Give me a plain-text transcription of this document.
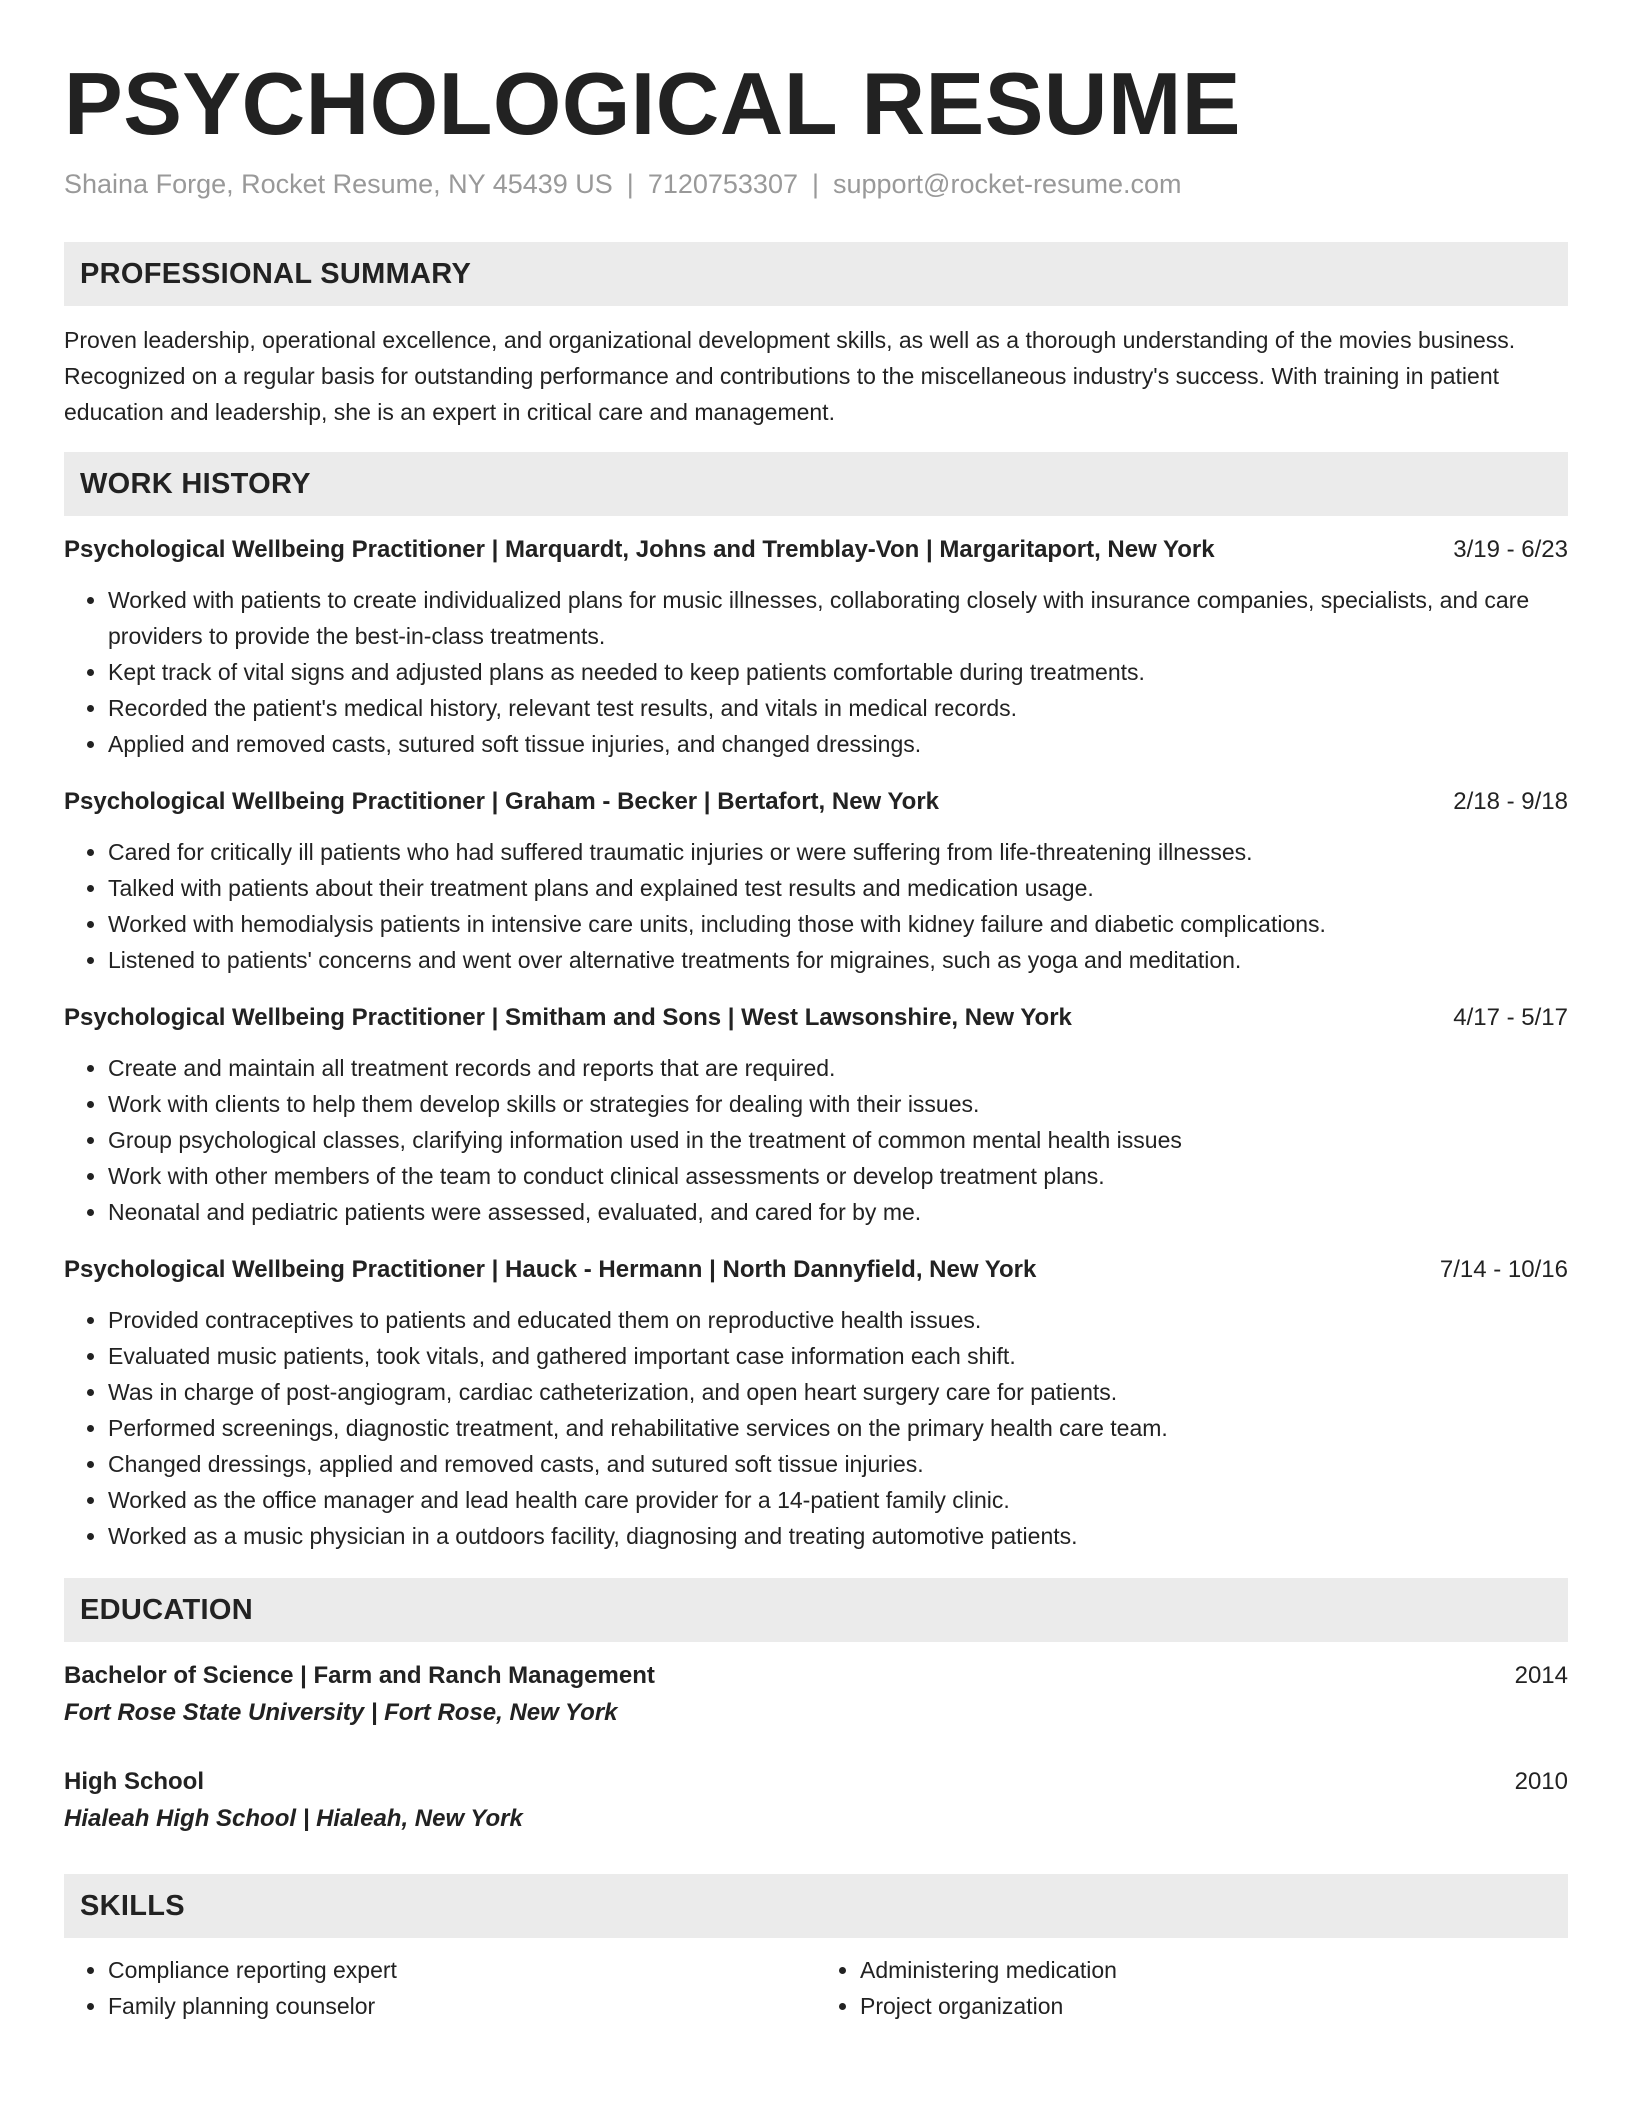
PSYCHOLOGICAL RESUME
Shaina Forge, Rocket Resume, NY 45439 US | 7120753307 | support@rocket-resume.com
PROFESSIONAL SUMMARY

Proven leadership, operational excellence, and organizational development skills, as well as a thorough understanding of the movies business. Recognized on a regular basis for outstanding performance and contributions to the miscellaneous industry's success. With training in patient education and leadership, she is an expert in critical care and management.

WORK HISTORY
Psychological Wellbeing Practitioner | Marquardt, Johns and Tremblay-Von | Margaritaport, New York	3/19 - 6/23
• Worked with patients to create individualized plans for music illnesses, collaborating closely with insurance companies, specialists, and care providers to provide the best-in-class treatments.
• Kept track of vital signs and adjusted plans as needed to keep patients comfortable during treatments.
• Recorded the patient's medical history, relevant test results, and vitals in medical records.
• Applied and removed casts, sutured soft tissue injuries, and changed dressings.
Psychological Wellbeing Practitioner | Graham - Becker | Bertafort, New York	2/18 - 9/18
• Cared for critically ill patients who had suffered traumatic injuries or were suffering from life-threatening illnesses.
• Talked with patients about their treatment plans and explained test results and medication usage.
• Worked with hemodialysis patients in intensive care units, including those with kidney failure and diabetic complications.
• Listened to patients' concerns and went over alternative treatments for migraines, such as yoga and meditation.
Psychological Wellbeing Practitioner | Smitham and Sons | West Lawsonshire, New York	4/17 - 5/17
• Create and maintain all treatment records and reports that are required.
• Work with clients to help them develop skills or strategies for dealing with their issues.
• Group psychological classes, clarifying information used in the treatment of common mental health issues
• Work with other members of the team to conduct clinical assessments or develop treatment plans.
• Neonatal and pediatric patients were assessed, evaluated, and cared for by me.
Psychological Wellbeing Practitioner | Hauck - Hermann | North Dannyfield, New York	7/14 - 10/16
• Provided contraceptives to patients and educated them on reproductive health issues.
• Evaluated music patients, took vitals, and gathered important case information each shift.
• Was in charge of post-angiogram, cardiac catheterization, and open heart surgery care for patients.
• Performed screenings, diagnostic treatment, and rehabilitative services on the primary health care team.
• Changed dressings, applied and removed casts, and sutured soft tissue injuries.
• Worked as the office manager and lead health care provider for a 14-patient family clinic.
• Worked as a music physician in a outdoors facility, diagnosing and treating automotive patients.
EDUCATION
Bachelor of Science | Farm and Ranch Management	2014
Fort Rose State University | Fort Rose, New York
High School	2010
Hialeah High School | Hialeah, New York
SKILLS
• Compliance reporting expert
• Family planning counselor
• Administering medication
• Project organization
